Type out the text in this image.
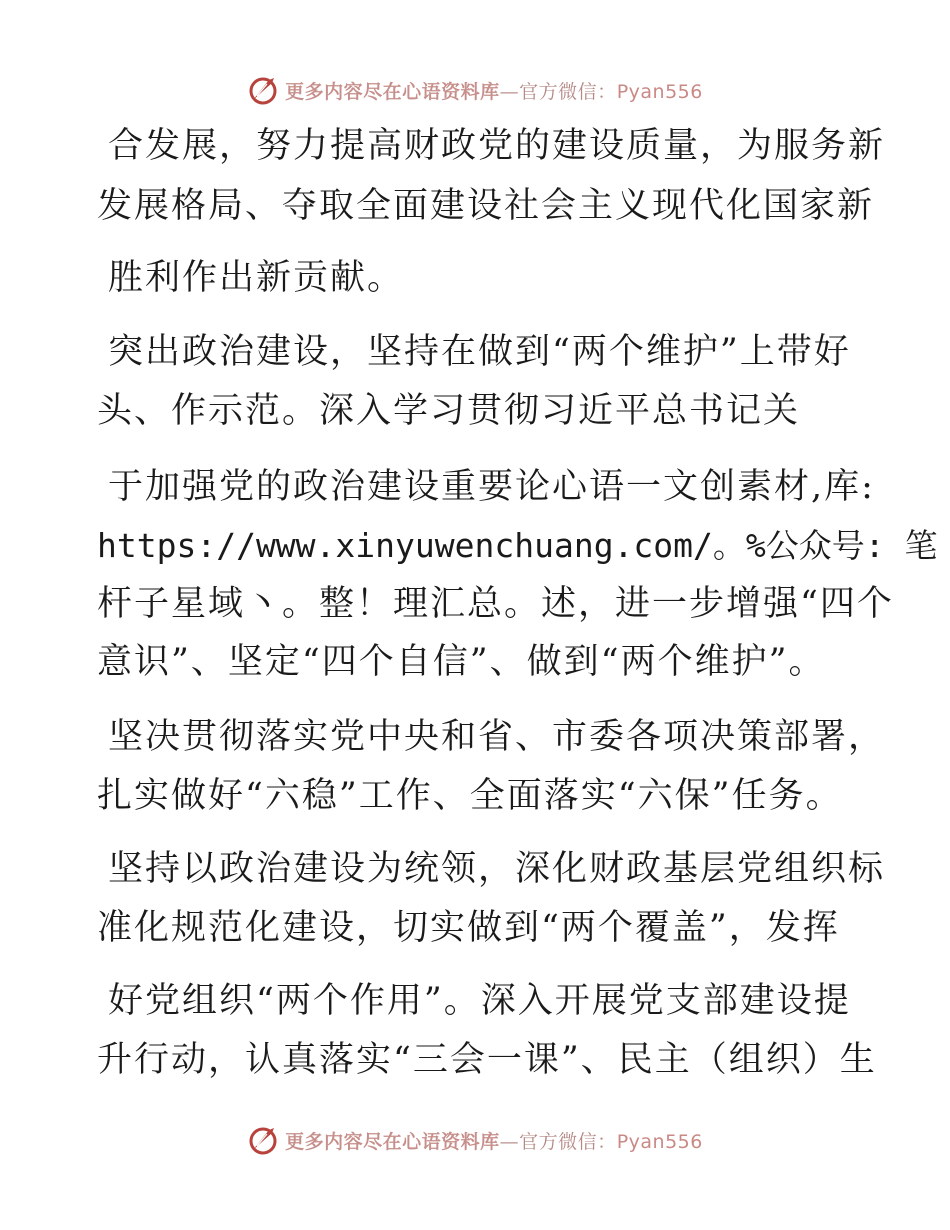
更多内容尽在心语资料库—官方微信：Pyan556
合发展，努力提高财政党的建设质量，为服务新
发展格局、夺取全面建设社会主义现代化国家新
胜利作出新贡献。
突出政治建设，坚持在做到“两个维护”上带好
头、作示范。深入学习贯彻习近平总书记关
于加强党的政治建设重要论心语一文创素材,库:
https://www.xinyuwenchuang.com/。%公众号: 笔
杆子星域丶。整！理汇总。述，进一步增强“四个
意识”、坚定“四个自信”、做到“两个维护”。
坚决贯彻落实党中央和省、市委各项决策部署，
扎实做好“六稳”工作、全面落实“六保”任务。
坚持以政治建设为统领，深化财政基层党组织标
准化规范化建设，切实做到“两个覆盖”，发挥
好党组织“两个作用”。深入开展党支部建设提
升行动，认真落实“三会一课”、民主（组织）生
更多内容尽在心语资料库—官方微信：Pyan556
